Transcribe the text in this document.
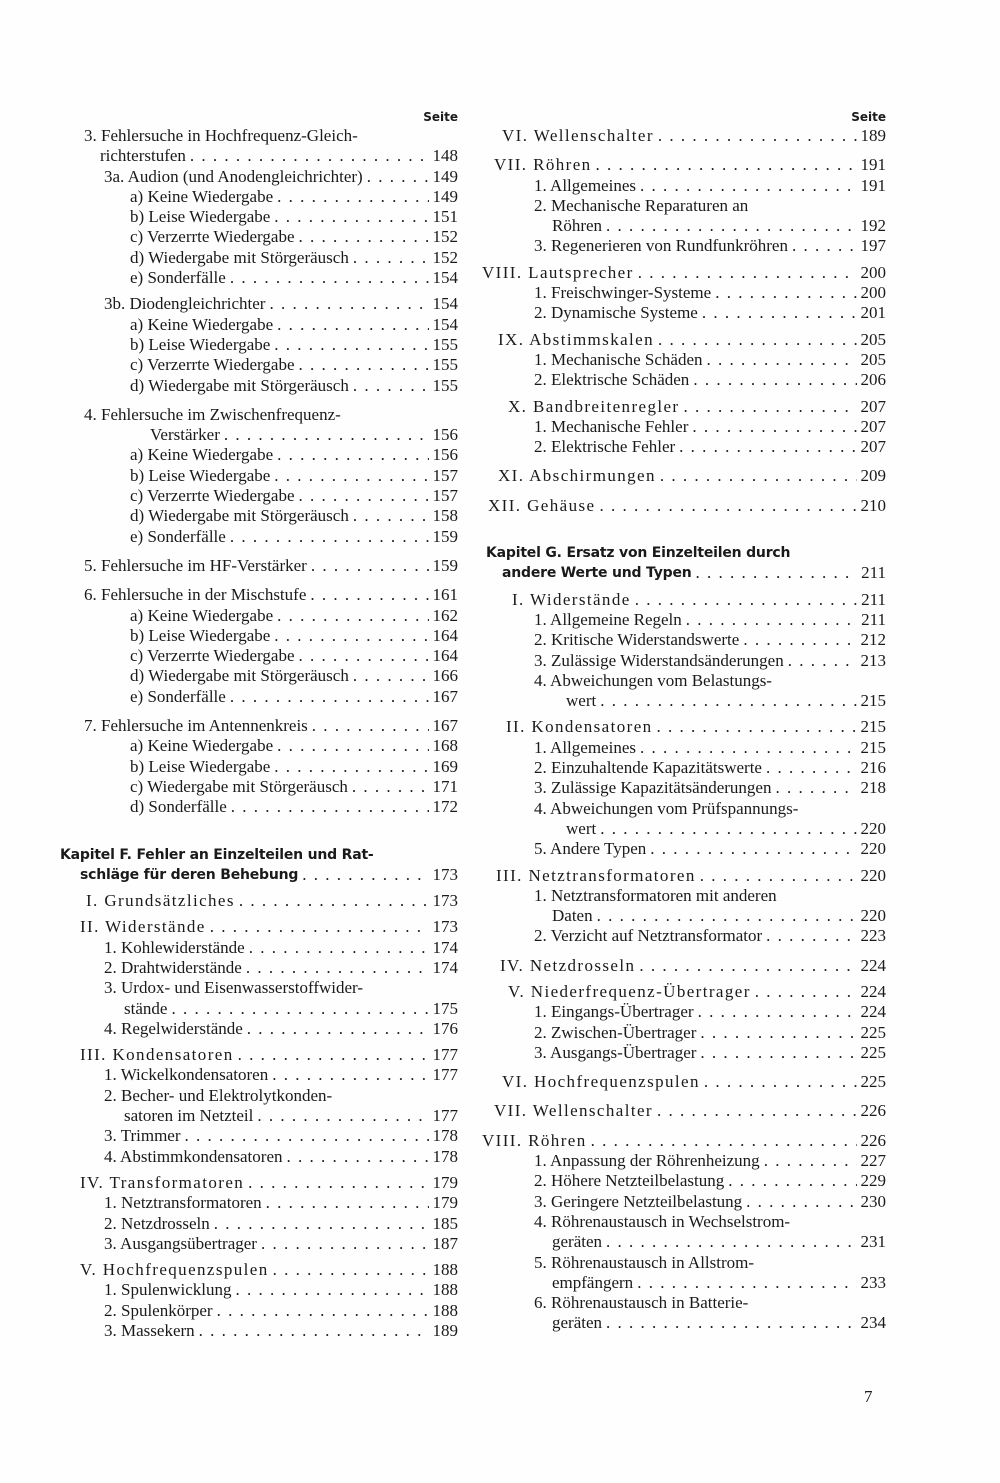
Seite
3. Fehlersuche in Hochfrequenz-Gleich-
richterstufen . . .	148
3a. Audion (und Anodengleichrichter) . . .	149
a) Keine Wiedergabe . . .	149
b) Leise Wiedergabe . . .	151
c) Verzerrte Wiedergabe . . .	152
d) Wiedergabe mit Störgeräusch . . .	152
e) Sonderfälle . . .	154
3b. Diodengleichrichter . . .	154
a) Keine Wiedergabe . . .	154
b) Leise Wiedergabe . . .	155
c) Verzerrte Wiedergabe . . .	155
d) Wiedergabe mit Störgeräusch . . .	155
4. Fehlersuche im Zwischenfrequenz-
Verstärker . . .	156
a) Keine Wiedergabe . . .	156
b) Leise Wiedergabe . . .	157
c) Verzerrte Wiedergabe . . .	157
d) Wiedergabe mit Störgeräusch . . .	158
e) Sonderfälle . . .	159
5. Fehlersuche im HF-Verstärker . . .	159
6. Fehlersuche in der Mischstufe . . .	161
a) Keine Wiedergabe . . .	162
b) Leise Wiedergabe . . .	164
c) Verzerrte Wiedergabe . . .	164
d) Wiedergabe mit Störgeräusch . . .	166
e) Sonderfälle . . .	167
7. Fehlersuche im Antennenkreis . . .	167
a) Keine Wiedergabe . . .	168
b) Leise Wiedergabe . . .	169
c) Wiedergabe mit Störgeräusch . . .	171
d) Sonderfälle . . .	172
Kapitel F. Fehler an Einzelteilen und Rat-
schläge für deren Behebung . . .	173
I. Grundsätzliches . . .	173
II. Widerstände . . .	173
1. Kohlewiderstände . . .	174
2. Drahtwiderstände . . .	174
3. Urdox- und Eisenwasserstoffwider-
stände . . .	175
4. Regelwiderstände . . .	176
III. Kondensatoren . . .	177
1. Wickelkondensatoren . . .	177
2. Becher- und Elektrolytkonden-
satoren im Netzteil . . .	177
3. Trimmer . . .	178
4. Abstimmkondensatoren . . .	178
IV. Transformatoren . . .	179
1. Netztransformatoren . . .	179
2. Netzdrosseln . . .	185
3. Ausgangsübertrager . . .	187
V. Hochfrequenzspulen . . .	188
1. Spulenwicklung . . .	188
2. Spulenkörper . . .	188
3. Massekern . . .	189
Seite
VI. Wellenschalter . . .	189
VII. Röhren . . .	191
1. Allgemeines . . .	191
2. Mechanische Reparaturen an
Röhren . . .	192
3. Regenerieren von Rundfunkröhren . . .	197
VIII. Lautsprecher . . .	200
1. Freischwinger-Systeme . . .	200
2. Dynamische Systeme . . .	201
IX. Abstimmskalen . . .	205
1. Mechanische Schäden . . .	205
2. Elektrische Schäden . . .	206
X. Bandbreitenregler . . .	207
1. Mechanische Fehler . . .	207
2. Elektrische Fehler . . .	207
XI. Abschirmungen . . .	209
XII. Gehäuse . . .	210
Kapitel G. Ersatz von Einzelteilen durch
andere Werte und Typen . . .	211
I. Widerstände . . .	211
1. Allgemeine Regeln . . .	211
2. Kritische Widerstandswerte . . .	212
3. Zulässige Widerstandsänderungen . . .	213
4. Abweichungen vom Belastungs-
wert . . .	215
II. Kondensatoren . . .	215
1. Allgemeines . . .	215
2. Einzuhaltende Kapazitätswerte . . .	216
3. Zulässige Kapazitätsänderungen . . .	218
4. Abweichungen vom Prüfspannungs-
wert . . .	220
5. Andere Typen . . .	220
III. Netztransformatoren . . .	220
1. Netztransformatoren mit anderen
Daten . . .	220
2. Verzicht auf Netztransformator . . .	223
IV. Netzdrosseln . . .	224
V. Niederfrequenz-Übertrager . . .	224
1. Eingangs-Übertrager . . .	224
2. Zwischen-Übertrager . . .	225
3. Ausgangs-Übertrager . . .	225
VI. Hochfrequenzspulen . . .	225
VII. Wellenschalter . . .	226
VIII. Röhren . . .	226
1. Anpassung der Röhrenheizung . . .	227
2. Höhere Netzteilbelastung . . .	229
3. Geringere Netzteilbelastung . . .	230
4. Röhrenaustausch in Wechselstrom-
geräten . . .	231
5. Röhrenaustausch in Allstrom-
empfängern . . .	233
6. Röhrenaustausch in Batterie-
geräten . . .	234
7
